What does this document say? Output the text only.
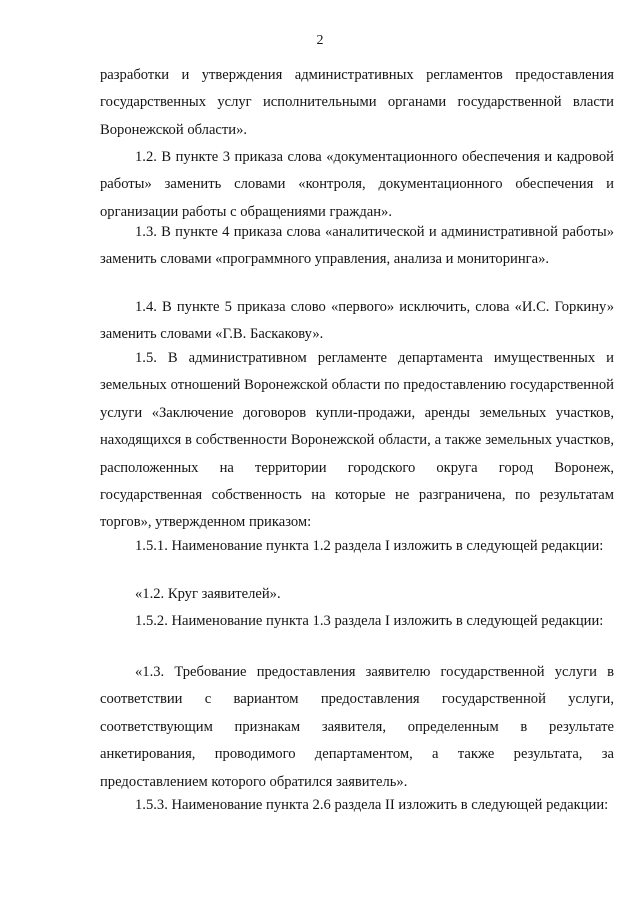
2

разработки и утверждения административных регламентов предоставления государственных услуг исполнительными органами государственной власти Воронежской области».

1.2. В пункте 3 приказа слова «документационного обеспечения и кадровой работы» заменить словами «контроля, документационного обеспечения и организации работы с обращениями граждан».

1.3. В пункте 4 приказа слова «аналитической и административной работы» заменить словами «программного управления, анализа и мониторинга».

1.4. В пункте 5 приказа слово «первого» исключить, слова «И.С. Горкину» заменить словами «Г.В. Баскакову».

1.5. В административном регламенте департамента имущественных и земельных отношений Воронежской области по предоставлению государственной услуги «Заключение договоров купли-продажи, аренды земельных участков, находящихся в собственности Воронежской области, а также земельных участков, расположенных на территории городского округа город Воронеж, государственная собственность на которые не разграничена, по результатам торгов», утвержденном приказом:

1.5.1. Наименование пункта 1.2 раздела I изложить в следующей редакции:

«1.2. Круг заявителей».

1.5.2. Наименование пункта 1.3 раздела I изложить в следующей редакции:

«1.3. Требование предоставления заявителю государственной услуги в соответствии с вариантом предоставления государственной услуги, соответствующим признакам заявителя, определенным в результате анкетирования, проводимого департаментом, а также результата, за предоставлением которого обратился заявитель».

1.5.3. Наименование пункта 2.6 раздела II изложить в следующей редакции:
